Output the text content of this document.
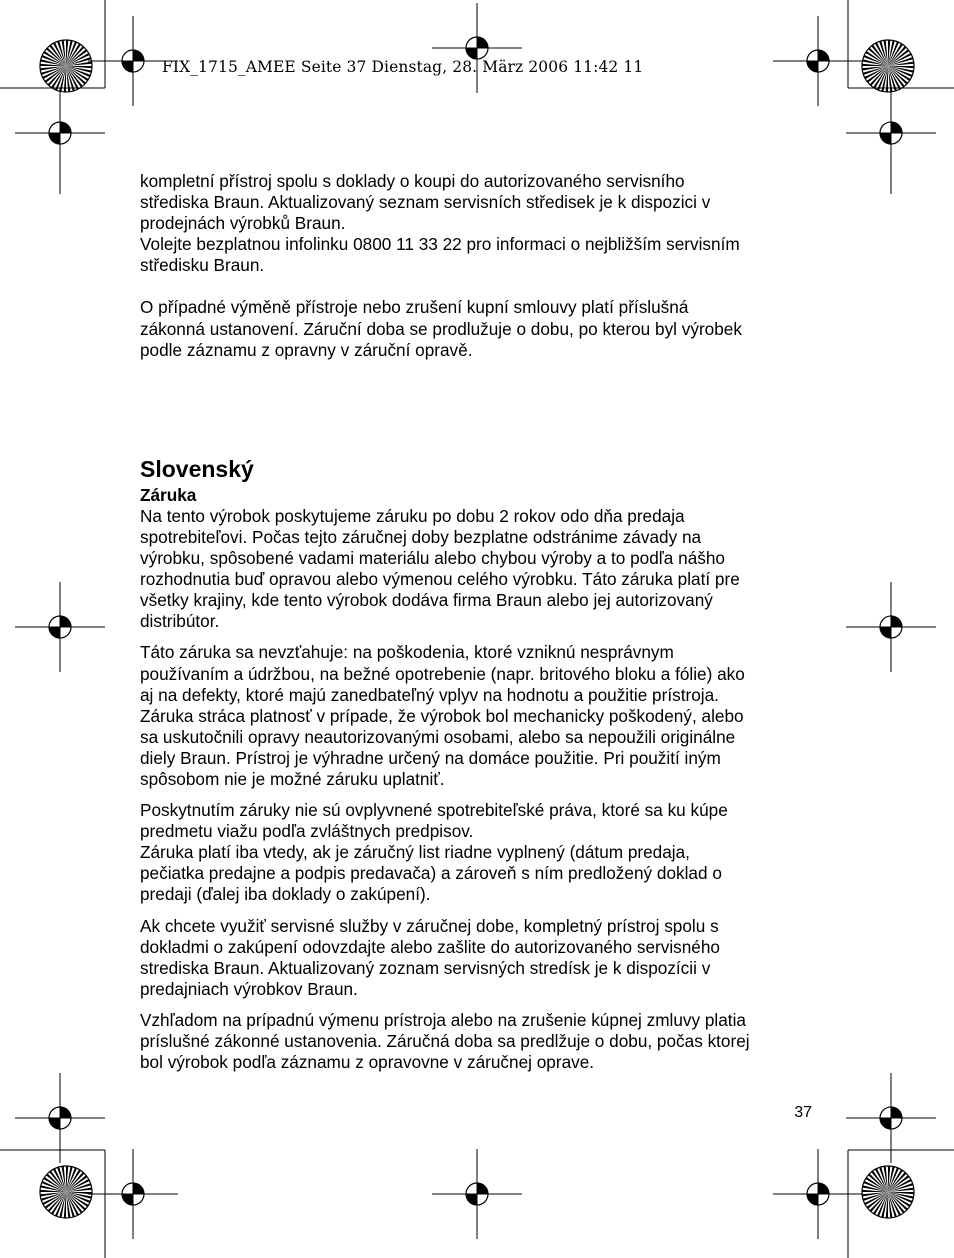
FIX_1715_AMEE Seite 37 Dienstag, 28. März 2006 11:42 11

kompletní přístroj spolu s doklady o koupi do autorizovaného servisního
střediska Braun. Aktualizovaný seznam servisních středisek je k dispozici v
prodejnách výrobků Braun.
Volejte bezplatnou infolinku 0800 11 33 22 pro informaci o nejbližším servisním
středisku Braun.

O případné výměně přístroje nebo zrušení kupní smlouvy platí příslušná
zákonná ustanovení. Záruční doba se prodlužuje o dobu, po kterou byl výrobek
podle záznamu z opravny v záruční opravě.

Slovenský
Záruka

Na tento výrobok poskytujeme záruku po dobu 2 rokov odo dňa predaja
spotrebiteľovi. Počas tejto záručnej doby bezplatne odstránime závady na
výrobku, spôsobené vadami materiálu alebo chybou výroby a to podľa nášho
rozhodnutia buď opravou alebo výmenou celého výrobku. Táto záruka platí pre
všetky krajiny, kde tento výrobok dodáva firma Braun alebo jej autorizovaný
distribútor.

Táto záruka sa nevzťahuje: na poškodenia, ktoré vzniknú nesprávnym
používaním a údržbou, na bežné opotrebenie (napr. britového bloku a fólie) ako
aj na defekty, ktoré majú zanedbateľný vplyv na hodnotu a použitie prístroja.
Záruka stráca platnosť v prípade, že výrobok bol mechanicky poškodený, alebo
sa uskutočnili opravy neautorizovanými osobami, alebo sa nepoužili originálne
diely Braun. Prístroj je výhradne určený na domáce použitie. Pri použití iným
spôsobom nie je možné záruku uplatniť.

Poskytnutím záruky nie sú ovplyvnené spotrebiteľské práva, ktoré sa ku kúpe
predmetu viažu podľa zvláštnych predpisov.
Záruka platí iba vtedy, ak je záručný list riadne vyplnený (dátum predaja,
pečiatka predajne a podpis predavača) a zároveň s ním predložený doklad o
predaji (ďalej iba doklady o zakúpení).

Ak chcete využiť servisné služby v záručnej dobe, kompletný prístroj spolu s
dokladmi o zakúpení odovzdajte alebo zašlite do autorizovaného servisného
strediska Braun. Aktualizovaný zoznam servisných stredísk je k dispozícii v
predajniach výrobkov Braun.

Vzhľadom na prípadnú výmenu prístroja alebo na zrušenie kúpnej zmluvy platia
príslušné zákonné ustanovenia. Záručná doba sa predlžuje o dobu, počas ktorej
bol výrobok podľa záznamu z opravovne v záručnej oprave.

37
